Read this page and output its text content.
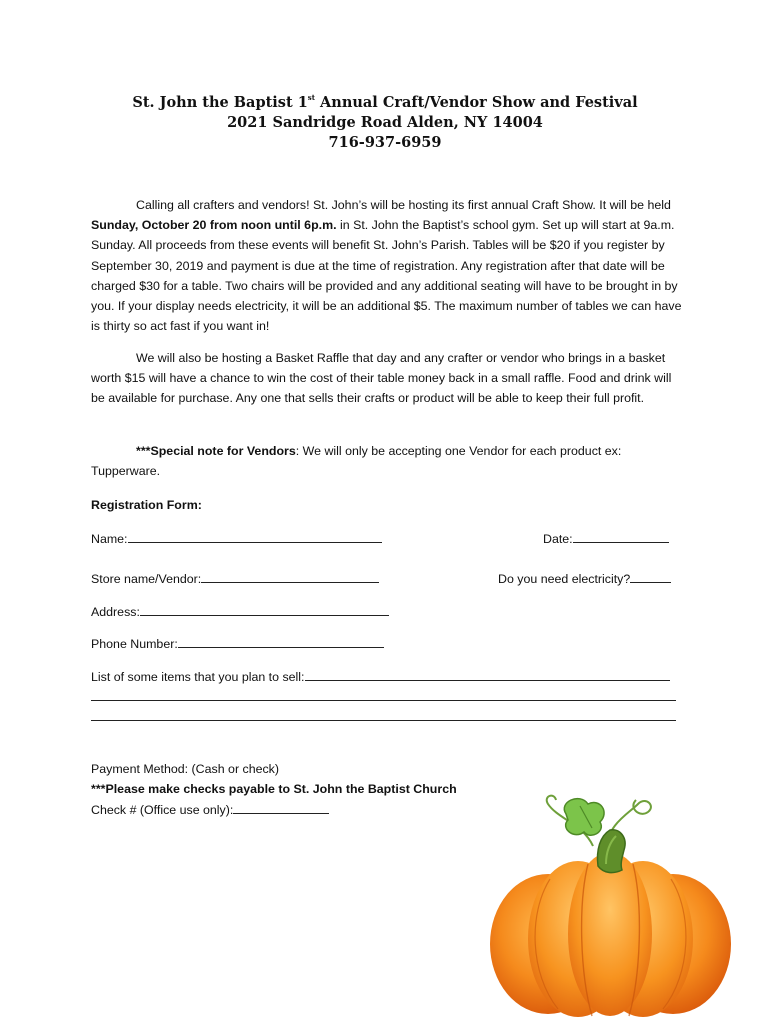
St. John the Baptist 1st Annual Craft/Vendor Show and Festival
2021 Sandridge Road Alden, NY 14004
716-937-6959
Calling all crafters and vendors! St. John’s will be hosting its first annual Craft Show. It will be held Sunday, October 20 from noon until 6p.m. in St. John the Baptist’s school gym. Set up will start at 9a.m. Sunday. All proceeds from these events will benefit St. John’s Parish. Tables will be $20 if you register by September 30, 2019 and payment is due at the time of registration. Any registration after that date will be charged $30 for a table. Two chairs will be provided and any additional seating will have to be brought in by you. If your display needs electricity, it will be an additional $5. The maximum number of tables we can have is thirty so act fast if you want in!
We will also be hosting a Basket Raffle that day and any crafter or vendor who brings in a basket worth $15 will have a chance to win the cost of their table money back in a small raffle. Food and drink will be available for purchase. Any one that sells their crafts or product will be able to keep their full profit.
***Special note for Vendors: We will only be accepting one Vendor for each product ex: Tupperware.
Registration Form:
Name:	Date:
Store name/Vendor:	Do you need electricity?
Address:
Phone Number:
List of some items that you plan to sell:
Payment Method: (Cash or check)
***Please make checks payable to St. John the Baptist Church
Check # (Office use only):
